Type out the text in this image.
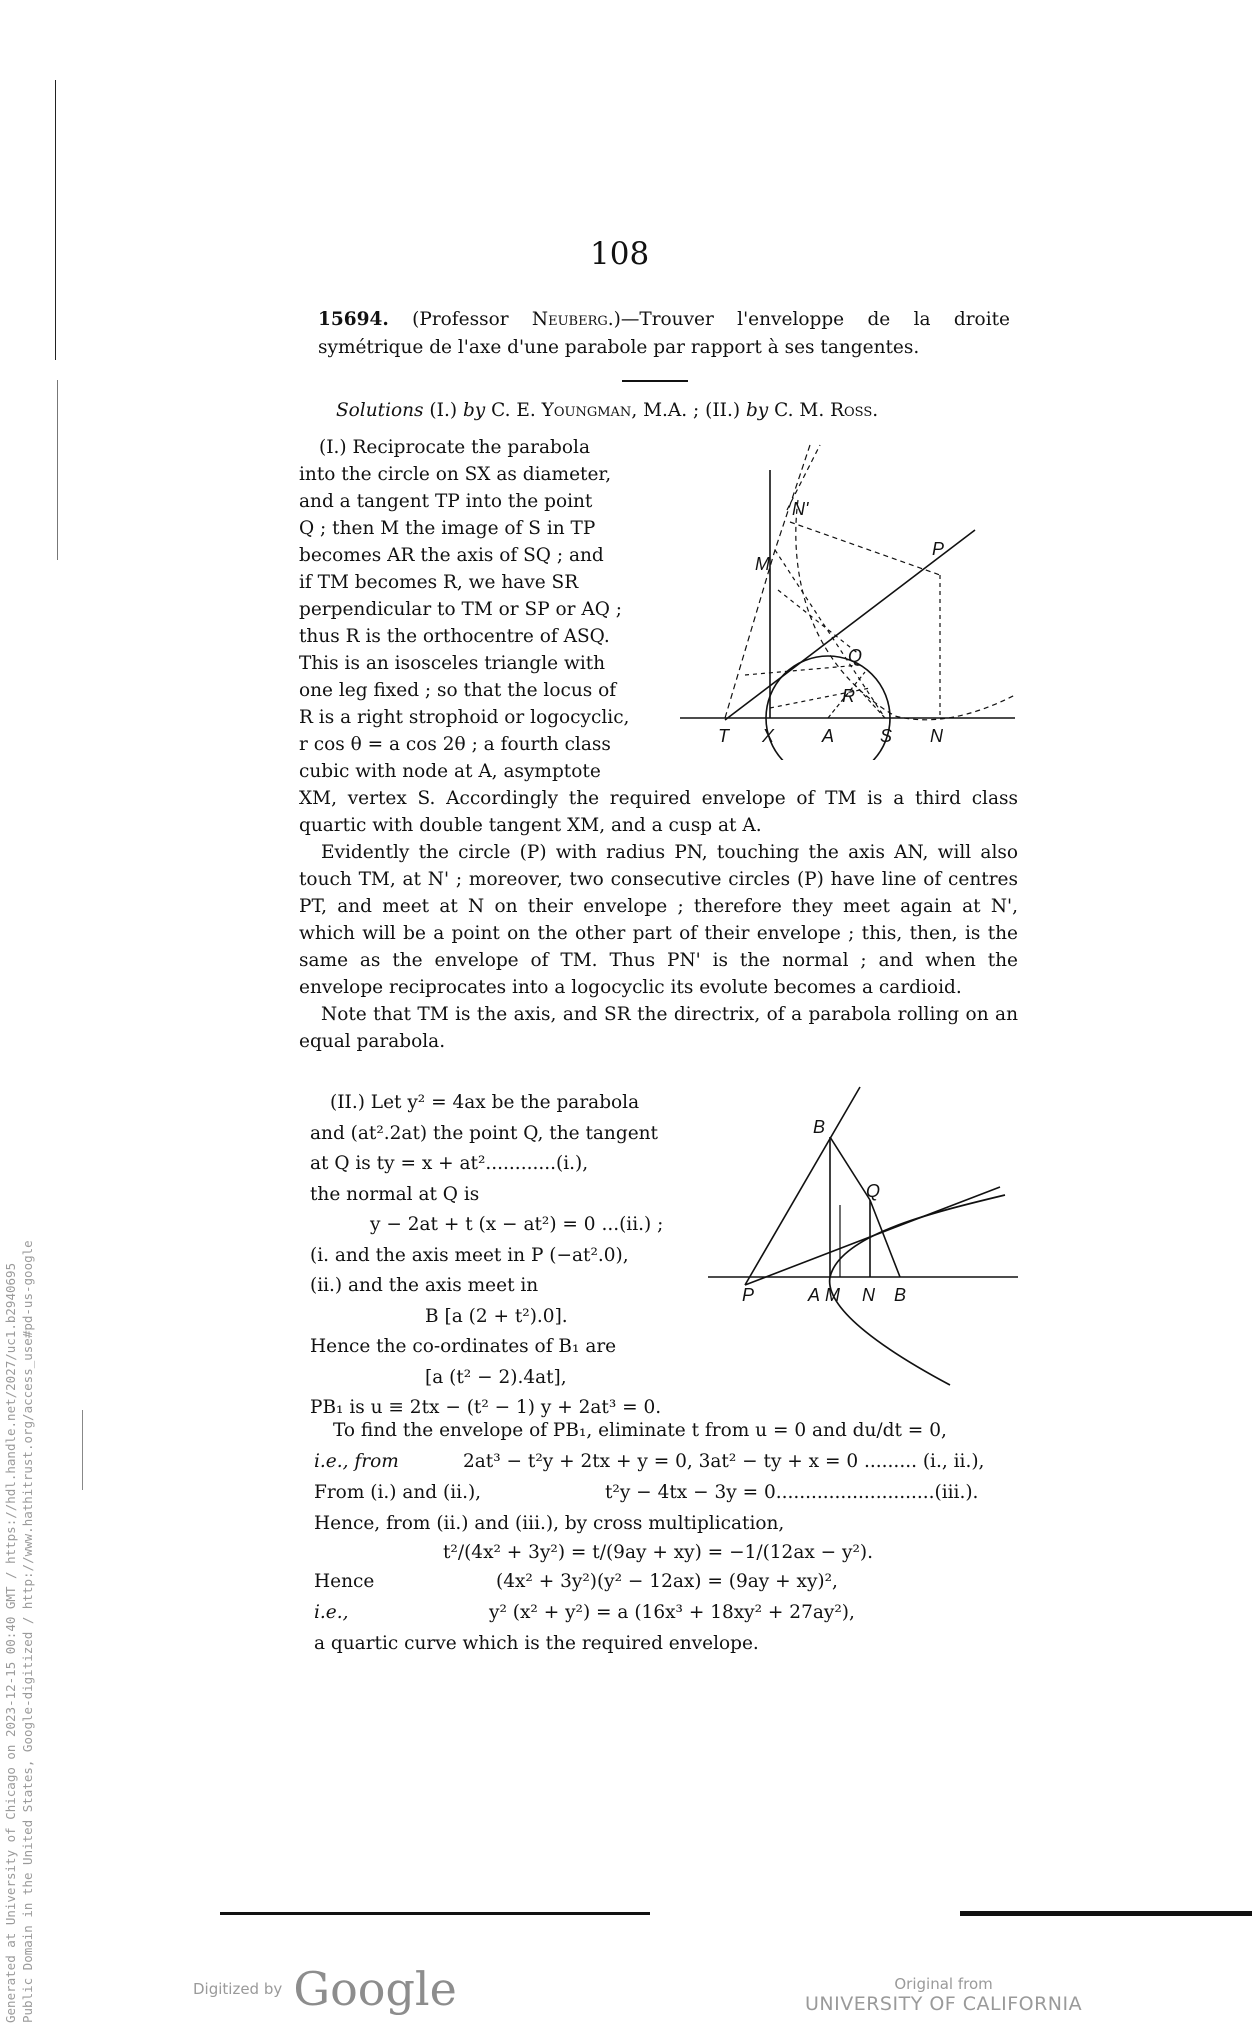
Generated at University of Chicago on 2023-12-15 00:40 GMT / https://hdl.handle.net/2027/uc1.b2940695 Public Domain in the United States, Google-digitized / http://www.hathitrust.org/access_use#pd-us-google
108
15694. (Professor Neuberg.)—Trouver l'enveloppe de la droite symétrique de l'axe d'une parabole par rapport à ses tangentes.
Solutions (I.) by C. E. Youngman, M.A. ; (II.) by C. M. Ross.
(I.) Reciprocate the parabola
into the circle on SX as diameter,
and a tangent TP into the point
Q ; then M the image of S in TP
becomes AR the axis of SQ ; and
if TM becomes R, we have SR
perpendicular to TM or SP or AQ ;
thus R is the orthocentre of ASQ.
This is an isosceles triangle with
one leg fixed ; so that the locus of
R is a right strophoid or logocyclic,
r cos θ = a cos 2θ ; a fourth class
cubic with node at A, asymptote
T X	A	S N
M
N'
P
Q
R

XM, vertex S. Accordingly the required envelope of TM is a third class quartic with double tangent XM, and a cusp at A.

Evidently the circle (P) with radius PN, touching the axis AN, will also touch TM, at N' ; moreover, two consecutive circles (P) have line of centres PT, and meet at N on their envelope ; therefore they meet again at N', which will be a point on the other part of their envelope ; this, then, is the same as the envelope of TM. Thus PN' is the normal ; and when the envelope reciprocates into a logocyclic its evolute becomes a cardioid.

Note that TM is the axis, and SR the directrix, of a parabola rolling on an equal parabola.

(II.) Let y² = 4ax be the parabola
and (at².2at) the point Q, the tangent
at Q is ty = x + at²............(i.),
the normal at Q is
y − 2at + t (x − at²) = 0 ...(ii.) ;
(i. and the axis meet in P (−at².0),
(ii.) and the axis meet in
B [a (2 + t²).0].
Hence the co-ordinates of B₁ are
[a (t² − 2).4at],
PB₁ is u ≡ 2tx − (t² − 1) y + 2at³ = 0.
B
Q
P	A M N B
To find the envelope of PB₁, eliminate t from u = 0 and du/dt = 0,
i.e., from	2at³ − t²y + 2tx + y = 0, 3at² − ty + x = 0 ......... (i., ii.),
From (i.) and (ii.),	t²y − 4tx − 3y = 0...........................(iii.).
Hence, from (ii.) and (iii.), by cross multiplication,
t²/(4x² + 3y²) = t/(9ay + xy) = −1/(12ax − y²).
Hence	(4x² + 3y²)(y² − 12ax) = (9ay + xy)²,
i.e.,	y² (x² + y²) = a (16x³ + 18xy² + 27ay²),
a quartic curve which is the required envelope.
Digitized by Google	Original from
UNIVERSITY OF CALIFORNIA
